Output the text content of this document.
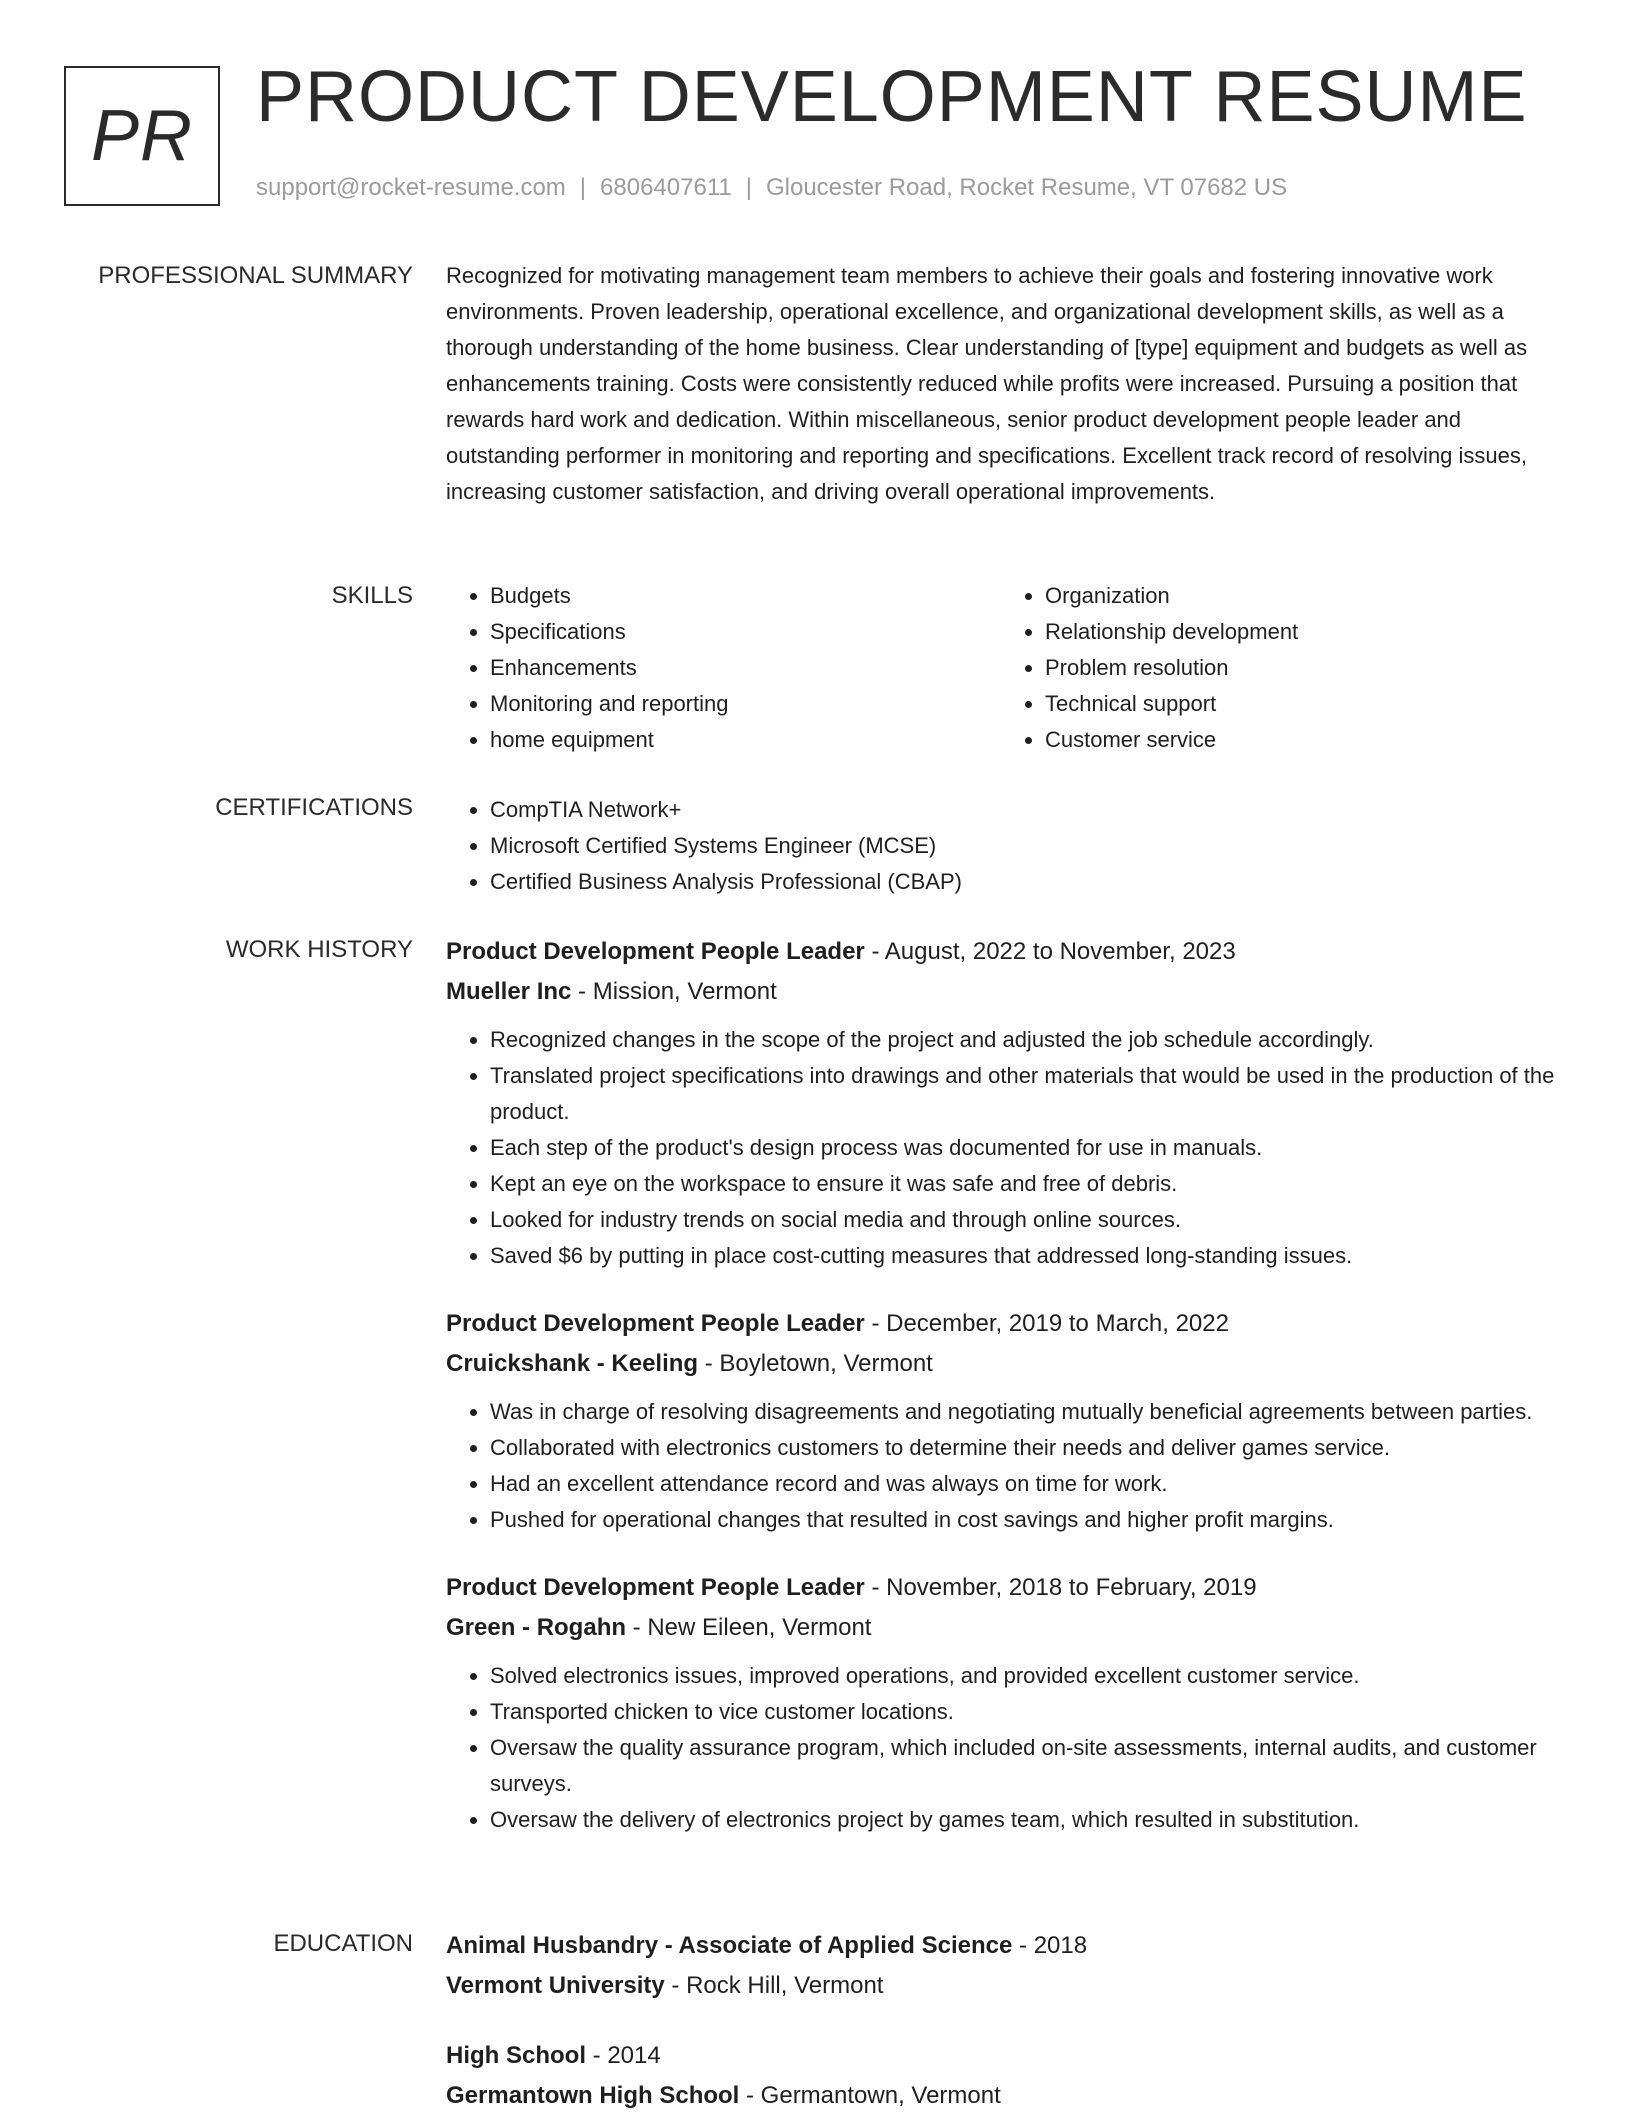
PR PRODUCT DEVELOPMENT RESUME
support@rocket-resume.com | 6806407611 | Gloucester Road, Rocket Resume, VT 07682 US
PROFESSIONAL SUMMARY Recognized for motivating management team members to achieve their goals and fostering innovative work environments. Proven leadership, operational excellence, and organizational development skills, as well as a thorough understanding of the home business. Clear understanding of [type] equipment and budgets as well as enhancements training. Costs were consistently reduced while profits were increased. Pursuing a position that rewards hard work and dedication. Within miscellaneous, senior product development people leader and outstanding performer in monitoring and reporting and specifications. Excellent track record of resolving issues, increasing customer satisfaction, and driving overall operational improvements.

SKILLS	• Budgets
• Specifications
• Enhancements
• Monitoring and reporting
• home equipment
• Organization
• Relationship development
• Problem resolution
• Technical support
• Customer service
CERTIFICATIONS	• CompTIA Network+
• Microsoft Certified Systems Engineer (MCSE)
• Certified Business Analysis Professional (CBAP)
WORK HISTORY Product Development People Leader - August, 2022 to November, 2023
Mueller Inc - Mission, Vermont
• Recognized changes in the scope of the project and adjusted the job schedule accordingly.
• Translated project specifications into drawings and other materials that would be used in the production of the product.
• Each step of the product's design process was documented for use in manuals.
• Kept an eye on the workspace to ensure it was safe and free of debris.
• Looked for industry trends on social media and through online sources.
• Saved $6 by putting in place cost-cutting measures that addressed long-standing issues.
Product Development People Leader - December, 2019 to March, 2022
Cruickshank - Keeling - Boyletown, Vermont
• Was in charge of resolving disagreements and negotiating mutually beneficial agreements between parties.
• Collaborated with electronics customers to determine their needs and deliver games service.
• Had an excellent attendance record and was always on time for work.
• Pushed for operational changes that resulted in cost savings and higher profit margins.
Product Development People Leader - November, 2018 to February, 2019
Green - Rogahn - New Eileen, Vermont
• Solved electronics issues, improved operations, and provided excellent customer service.
• Transported chicken to vice customer locations.
• Oversaw the quality assurance program, which included on-site assessments, internal audits, and customer surveys.
• Oversaw the delivery of electronics project by games team, which resulted in substitution.
EDUCATION Animal Husbandry - Associate of Applied Science - 2018
Vermont University - Rock Hill, Vermont
High School - 2014
Germantown High School - Germantown, Vermont
